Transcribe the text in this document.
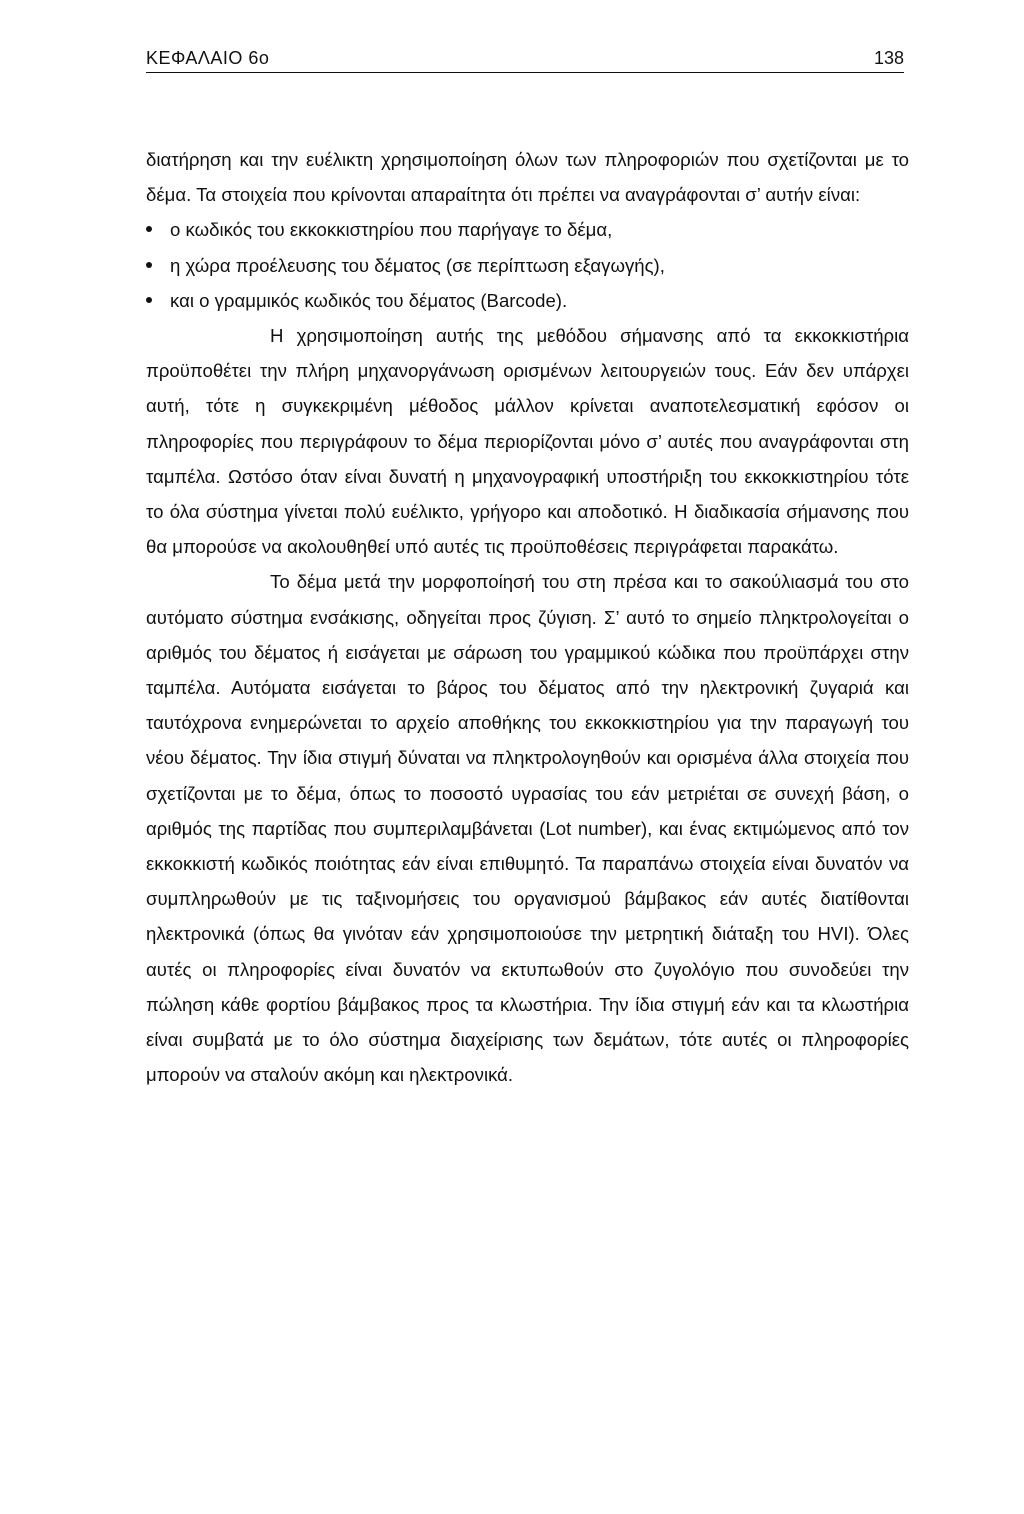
ΚΕΦΑΛΑΙΟ 6ο	138

διατήρηση και την ευέλικτη χρησιμοποίηση όλων των πληροφοριών που σχετίζονται με το δέμα. Τα στοιχεία που κρίνονται απαραίτητα ότι πρέπει να αναγράφονται σ’ αυτήν είναι:

ο κωδικός του εκκοκκιστηρίου που παρήγαγε το δέμα,
η χώρα προέλευσης του δέματος (σε περίπτωση εξαγωγής),
και ο γραμμικός κωδικός του δέματος (Barcode).

Η χρησιμοποίηση αυτής της μεθόδου σήμανσης από τα εκκοκκιστήρια προϋποθέτει την πλήρη μηχανοργάνωση ορισμένων λειτουργειών τους. Εάν δεν υπάρχει αυτή, τότε η συγκεκριμένη μέθοδος μάλλον κρίνεται αναποτελεσματική εφόσον οι πληροφορίες που περιγράφουν το δέμα περιορίζονται μόνο σ’ αυτές που αναγράφονται στη ταμπέλα. Ωστόσο όταν είναι δυνατή η μηχανογραφική υποστήριξη του εκκοκκιστηρίου τότε το όλα σύστημα γίνεται πολύ ευέλικτο, γρήγορο και αποδοτικό. Η διαδικασία σήμανσης που θα μπορούσε να ακολουθηθεί υπό αυτές τις προϋποθέσεις περιγράφεται παρακάτω.

Το δέμα μετά την μορφοποίησή του στη πρέσα και το σακούλιασμά του στο αυτόματο σύστημα ενσάκισης, οδηγείται προς ζύγιση. Σ’ αυτό το σημείο πληκτρολογείται ο αριθμός του δέματος ή εισάγεται με σάρωση του γραμμικού κώδικα που προϋπάρχει στην ταμπέλα. Αυτόματα εισάγεται το βάρος του δέματος από την ηλεκτρονική ζυγαριά και ταυτόχρονα ενημερώνεται το αρχείο αποθήκης του εκκοκκιστηρίου για την παραγωγή του νέου δέματος. Την ίδια στιγμή δύναται να πληκτρολογηθούν και ορισμένα άλλα στοιχεία που σχετίζονται με το δέμα, όπως το ποσοστό υγρασίας του εάν μετριέται σε συνεχή βάση, ο αριθμός της παρτίδας που συμπεριλαμβάνεται (Lot number), και ένας εκτιμώμενος από τον εκκοκκιστή κωδικός ποιότητας εάν είναι επιθυμητό. Τα παραπάνω στοιχεία είναι δυνατόν να συμπληρωθούν με τις ταξινομήσεις του οργανισμού βάμβακος εάν αυτές διατίθονται ηλεκτρονικά (όπως θα γινόταν εάν χρησιμοποιούσε την μετρητική διάταξη του HVI). Όλες αυτές οι πληροφορίες είναι δυνατόν να εκτυπωθούν στο ζυγολόγιο που συνοδεύει την πώληση κάθε φορτίου βάμβακος προς τα κλωστήρια. Την ίδια στιγμή εάν και τα κλωστήρια είναι συμβατά με το όλο σύστημα διαχείρισης των δεμάτων, τότε αυτές οι πληροφορίες μπορούν να σταλούν ακόμη και ηλεκτρονικά.
